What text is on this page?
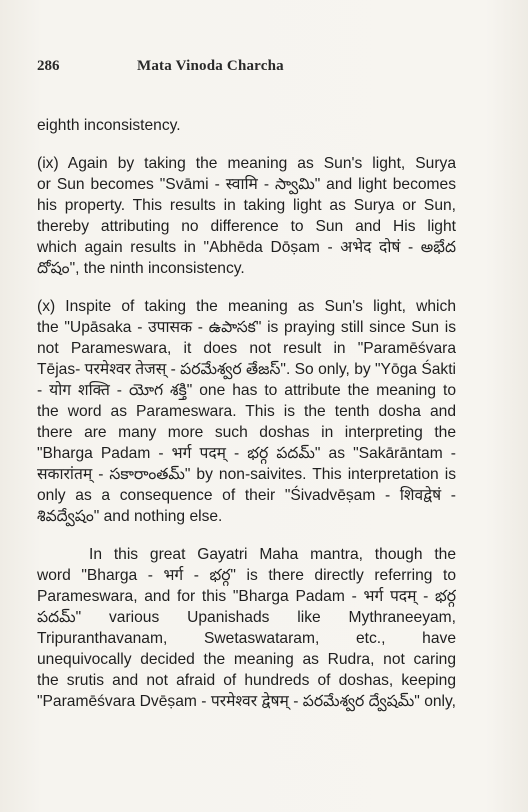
286	Mata Vinoda Charcha
eighth inconsistency.
(ix) Again by taking the meaning as Sun's light, Surya
or Sun becomes "Svāmi - स्वामि - స్వామి" and light becomes
his property. This results in taking light as Surya or Sun,
thereby attributing no difference to Sun and His light
which again results in "Abhēda Dōṣam - अभेद दोषं - అభేద
దోషం", the ninth inconsistency.
(x) Inspite of taking the meaning as Sun's light, which
the "Upāsaka - उपासक - ఉపాసక" is praying still since Sun is
not Parameswara, it does not result in "Paramēśvara
Tējas- परमेश्वर तेजस् - పరమేశ్వర తేజస్". So only, by "Yōga Śakti
- योग शक्ति - యోగ శక్తి" one has to attribute the meaning to
the word as Parameswara. This is the tenth dosha and
there are many more such doshas in interpreting the
"Bharga Padam - भर्ग पदम् - భర్గ పదమ్" as "Sakārāntam -
सकारांतम् - సకారాంతమ్" by non-saivites. This interpretation is
only as a consequence of their "Śivadvēṣam - शिवद्वेषं -
శివద్వేషం" and nothing else.
In this great Gayatri Maha mantra, though the
word "Bharga - भर्ग - భర్గ" is there directly referring to
Parameswara, and for this "Bharga Padam - भर्ग पदम् - భర్గ
పదమ్" various Upanishads like Mythraneeyam,
Tripuranthavanam, Swetaswataram, etc., have
unequivocally decided the meaning as Rudra, not caring
the srutis and not afraid of hundreds of doshas, keeping
"Paramēśvara Dvēṣam - परमेश्वर द्वेषम् - పరమేశ్వర ద్వేషమ్" only,
